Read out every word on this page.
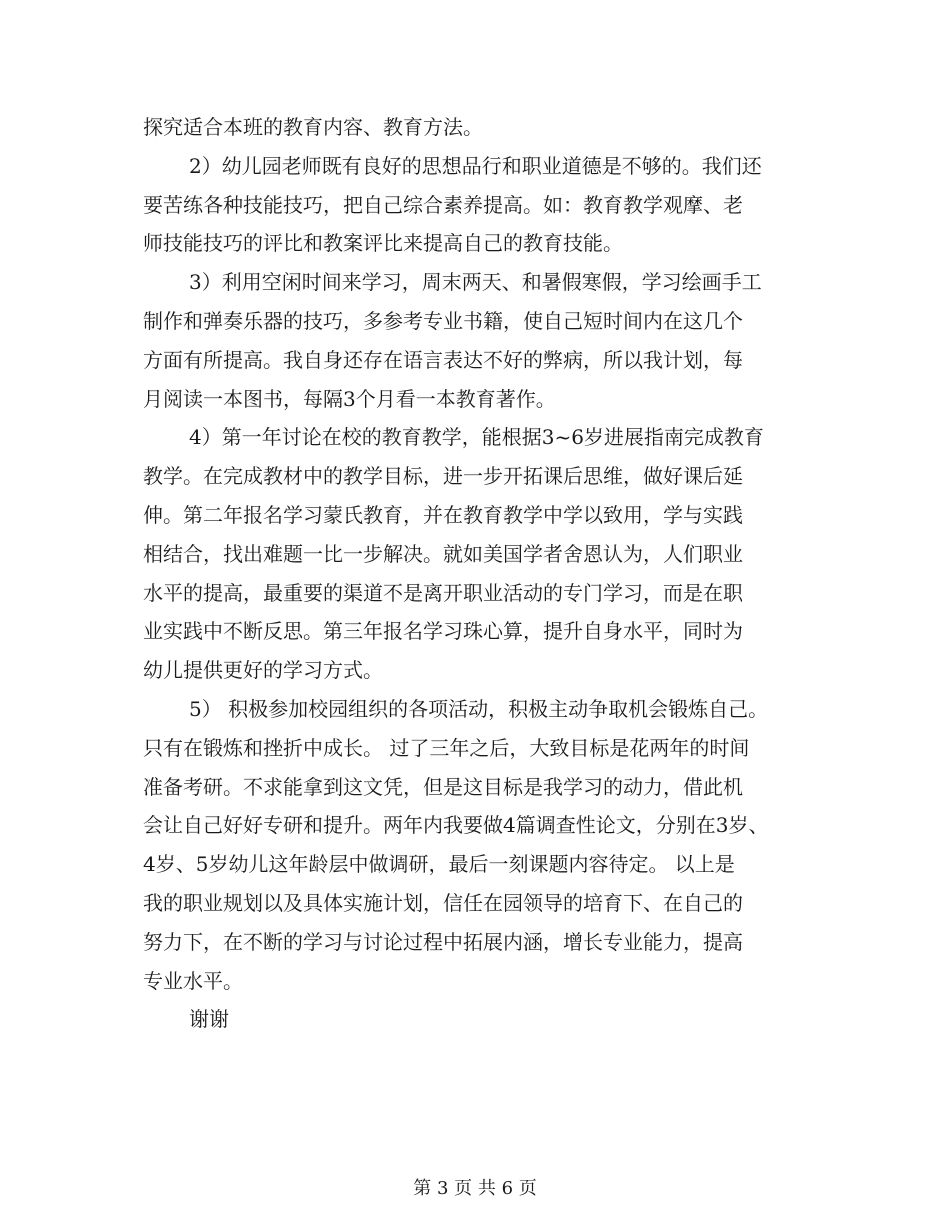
探究适合本班的教育内容、教育方法。
2）幼儿园老师既有良好的思想品行和职业道德是不够的。我们还
要苦练各种技能技巧，把自己综合素养提高。如：教育教学观摩、老
师技能技巧的评比和教案评比来提高自己的教育技能。
3）利用空闲时间来学习，周末两天、和暑假寒假，学习绘画手工
制作和弹奏乐器的技巧，多参考专业书籍，使自己短时间内在这几个
方面有所提高。我自身还存在语言表达不好的弊病，所以我计划，每
月阅读一本图书，每隔3个月看一本教育著作。
4）第一年讨论在校的教育教学，能根据3~6岁进展指南完成教育
教学。在完成教材中的教学目标，进一步开拓课后思维，做好课后延
伸。第二年报名学习蒙氏教育，并在教育教学中学以致用，学与实践
相结合，找出难题一比一步解决。就如美国学者舍恩认为，人们职业
水平的提高，最重要的渠道不是离开职业活动的专门学习，而是在职
业实践中不断反思。第三年报名学习珠心算，提升自身水平，同时为
幼儿提供更好的学习方式。
5） 积极参加校园组织的各项活动，积极主动争取机会锻炼自己。
只有在锻炼和挫折中成长。 过了三年之后，大致目标是花两年的时间
准备考研。不求能拿到这文凭，但是这目标是我学习的动力，借此机
会让自己好好专研和提升。两年内我要做4篇调查性论文，分别在3岁、
4岁、5岁幼儿这年龄层中做调研，最后一刻课题内容待定。 以上是
我的职业规划以及具体实施计划，信任在园领导的培育下、在自己的
努力下，在不断的学习与讨论过程中拓展内涵，增长专业能力，提高
专业水平。
谢谢
第 3 页 共 6 页
